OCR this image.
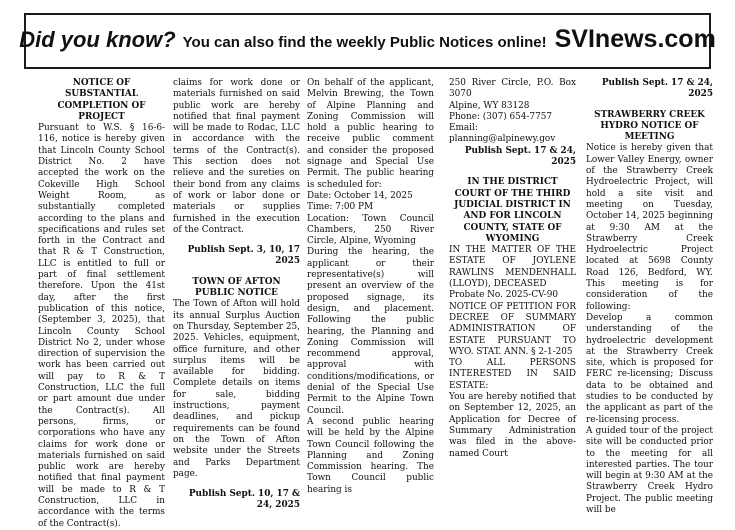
Did you know? You can also find the weekly Public Notices online! SVInews.com

NOTICE OF SUBSTANTIAL COMPLETION OF PROJECT

Pursuant to W.S. § 16-6-116, notice is hereby given that Lincoln County School District No. 2 have accepted the work on the Cokeville High School Weight Room, as substantially completed according to the plans and specifications and rules set forth in the Contract and that R & T Construction, LLC is entitled to full or part of final settlement therefore. Upon the 41st day, after the first publication of this notice, (September 3, 2025), that Lincoln County School District No 2, under whose direction of supervision the work has been carried out will pay to R & T Construction, LLC the full or part amount due under the Contract(s). All persons, firms, or corporations who have any claims for work done or materials furnished on said public work are hereby notified that final payment will be made to R & T Construction, LLC in accordance with the terms of the Contract(s).

claims for work done or materials furnished on said public work are hereby notified that final payment will be made to Rodac, LLC in accordance with the terms of the Contract(s). This section does not relieve and the sureties on their bond from any claims of work or labor done or materials or supplies furnished in the execution of the Contract.

Publish Sept. 3, 10, 17 2025

TOWN OF AFTON PUBLIC NOTICE

The Town of Afton will hold its annual Surplus Auction on Thursday, September 25, 2025. Vehicles, equipment, office furniture, and other surplus items will be available for bidding. Complete details on items for sale, bidding instructions, payment deadlines, and pickup requirements can be found on the Town of Afton website under the Streets and Parks Department page.

Publish Sept. 10, 17 & 24, 2025

On behalf of the applicant, Melvin Brewing, the Town of Alpine Planning and Zoning Commission will hold a public hearing to receive public comment and consider the proposed signage and Special Use Permit. The public hearing is scheduled for:

Date: October 14, 2025

Time: 7:00 PM

Location: Town Council Chambers, 250 River Circle, Alpine, Wyoming

During the hearing, the applicant or their representative(s) will present an overview of the proposed signage, its design, and placement. Following the public hearing, the Planning and Zoning Commission will recommend approval, approval with conditions/modifications, or denial of the Special Use Permit to the Alpine Town Council.

A second public hearing will be held by the Alpine Town Council following the Planning and Zoning Commission hearing. The Town Council public hearing is

250 River Circle, P.O. Box 3070

Alpine, WY 83128

Phone: (307) 654-7757

Email: planning@alpinewy.gov

Publish Sept. 17 & 24, 2025

IN THE DISTRICT COURT OF THE THIRD JUDICIAL DISTRICT IN AND FOR LINCOLN COUNTY, STATE OF WYOMING

IN THE MATTER OF THE ESTATE OF JOYLENE RAWLINS MENDENHALL (LLOYD), DECEASED

Probate No. 2025-CV-90

NOTICE OF PETITION FOR DECREE OF SUMMARY ADMINISTRATION OF ESTATE PURSUANT TO WYO. STAT. ANN. § 2-1-205

TO ALL PERSONS INTERESTED IN SAID ESTATE:

You are hereby notified that on September 12, 2025, an Application for Decree of Summary Administration was filed in the above-named Court

Publish Sept. 17 & 24, 2025

STRAWBERRY CREEK HYDRO NOTICE OF MEETING

Notice is hereby given that Lower Valley Energy, owner of the Strawberry Creek Hydroelectric Project, will hold a site visit and meeting on Tuesday, October 14, 2025 beginning at 9:30 AM at the Strawberry Creek Hydroelectric Project located at 5698 County Road 126, Bedford, WY. This meeting is for consideration of the following:

Develop a common understanding of the hydroelectric development at the Strawberry Creek site, which is proposed for FERC re-licensing; Discuss data to be obtained and studies to be conducted by the applicant as part of the re-licensing process.

A guided tour of the project site will be conducted prior to the meeting for all interested parties. The tour will begin at 9:30 AM at the Strawberry Creek Hydro Project. The public meeting will be
